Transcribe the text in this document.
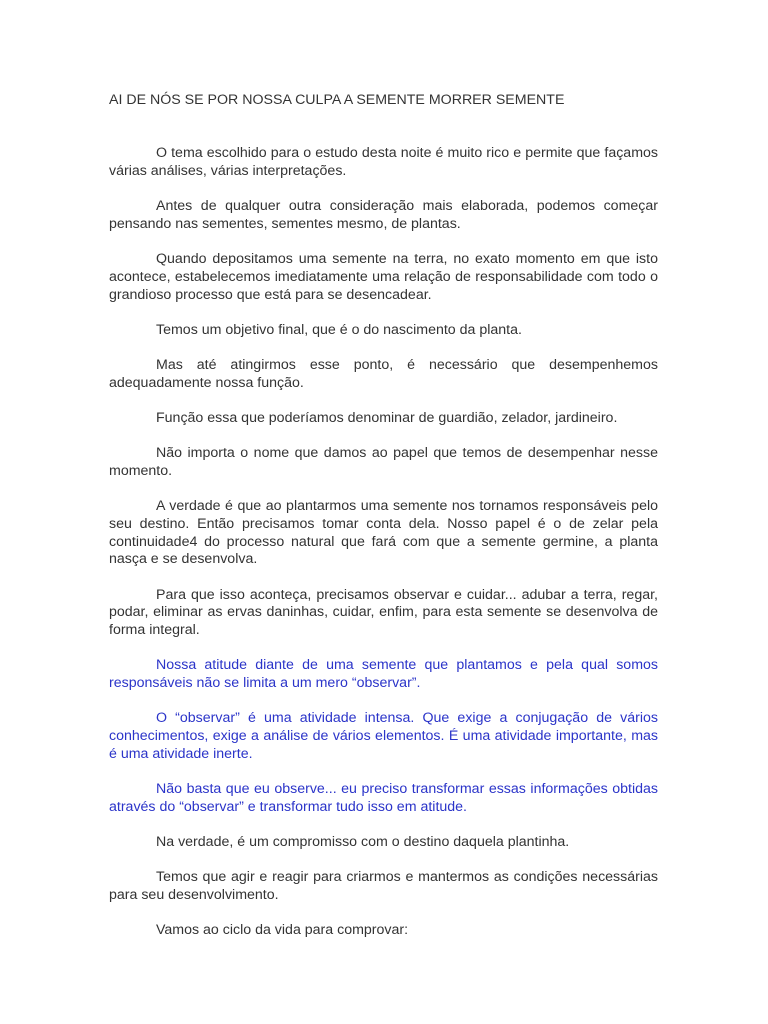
AI DE NÓS SE POR NOSSA CULPA A SEMENTE MORRER SEMENTE

O tema escolhido para o estudo desta noite é muito rico e permite que façamos várias análises, várias interpretações.

Antes de qualquer outra consideração mais elaborada, podemos começar pensando nas sementes, sementes mesmo, de plantas.

Quando depositamos uma semente na terra, no exato momento em que isto acontece, estabelecemos imediatamente uma relação de responsabilidade com todo o grandioso processo que está para se desencadear.

Temos um objetivo final, que é o do nascimento da planta.

Mas até atingirmos esse ponto, é necessário que desempenhemos adequadamente nossa função.

Função essa que poderíamos denominar de guardião, zelador, jardineiro.

Não importa o nome que damos ao papel que temos de desempenhar nesse momento.

A verdade é que ao plantarmos uma semente nos tornamos responsáveis pelo seu destino. Então precisamos tomar conta dela. Nosso papel é o de zelar pela continuidade4 do processo natural que fará com que a semente germine, a planta nasça e se desenvolva.

Para que isso aconteça, precisamos observar e cuidar... adubar a terra, regar, podar, eliminar as ervas daninhas, cuidar, enfim, para esta semente se desenvolva de forma integral.

Nossa atitude diante de uma semente que plantamos e pela qual somos responsáveis não se limita a um mero “observar”.

O “observar” é uma atividade intensa. Que exige a conjugação de vários conhecimentos, exige a análise de vários elementos. É uma atividade importante, mas é uma atividade inerte.

Não basta que eu observe... eu preciso transformar essas informações obtidas através do “observar” e transformar tudo isso em atitude.

Na verdade, é um compromisso com o destino daquela plantinha.

Temos que agir e reagir para criarmos e mantermos as condições necessárias para seu desenvolvimento.

Vamos ao ciclo da vida para comprovar:
